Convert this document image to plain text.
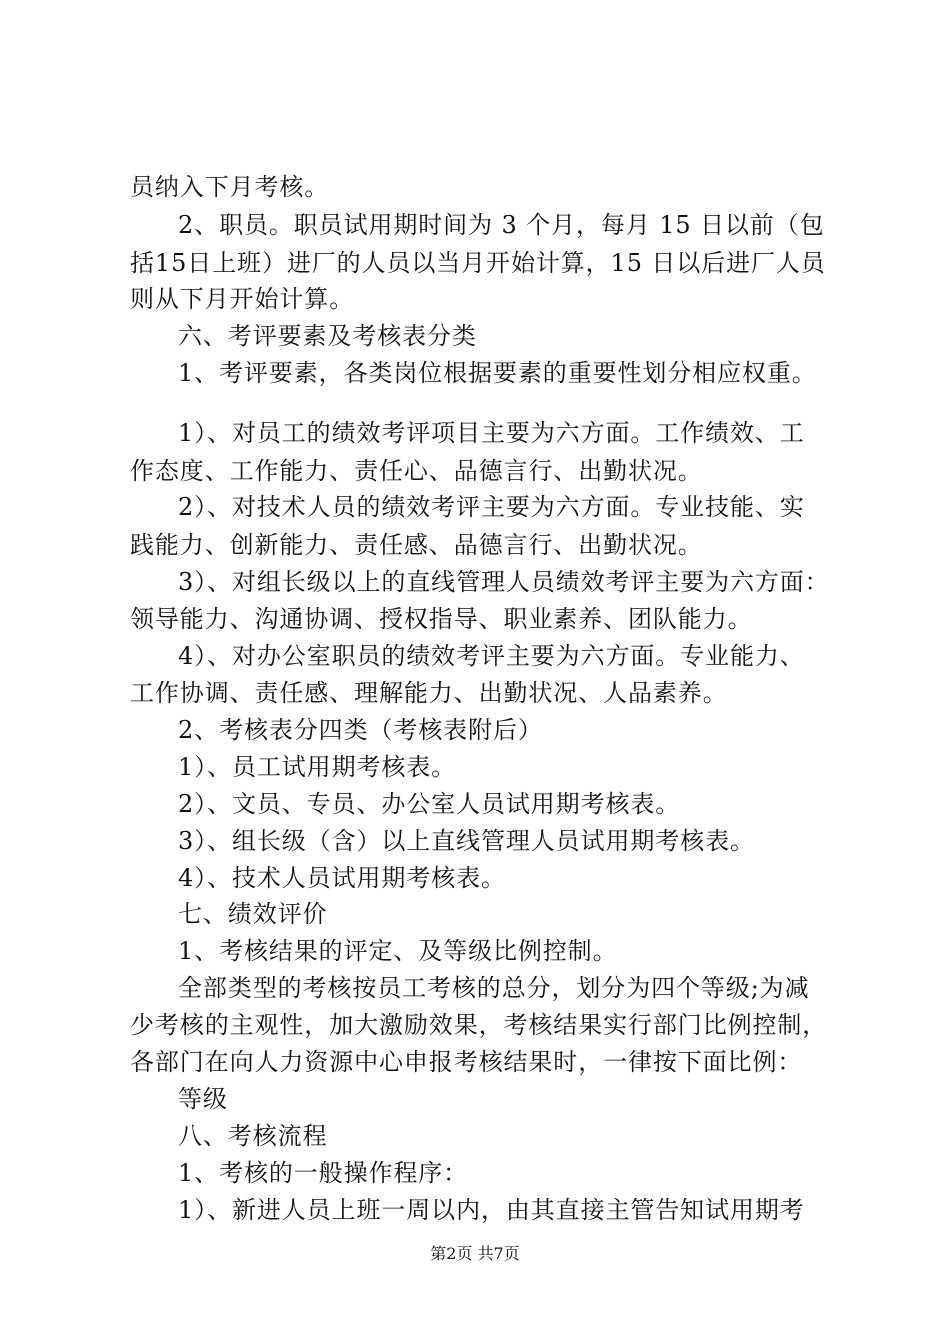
员纳入下月考核。
2、职员。职员试用期时间为 3 个月，每月 15 日以前（包
括15日上班）进厂的人员以当月开始计算，15 日以后进厂人员
则从下月开始计算。
六、考评要素及考核表分类
1、考评要素，各类岗位根据要素的重要性划分相应权重。
1）、对员工的绩效考评项目主要为六方面。工作绩效、工
作态度、工作能力、责任心、品德言行、出勤状况。
2）、对技术人员的绩效考评主要为六方面。专业技能、实
践能力、创新能力、责任感、品德言行、出勤状况。
3）、对组长级以上的直线管理人员绩效考评主要为六方面：
领导能力、沟通协调、授权指导、职业素养、团队能力。
4）、对办公室职员的绩效考评主要为六方面。专业能力、
工作协调、责任感、理解能力、出勤状况、人品素养。
2、考核表分四类（考核表附后）
1）、员工试用期考核表。
2）、文员、专员、办公室人员试用期考核表。
3）、组长级（含）以上直线管理人员试用期考核表。
4）、技术人员试用期考核表。
七、绩效评价
1、考核结果的评定、及等级比例控制。
全部类型的考核按员工考核的总分，划分为四个等级;为减
少考核的主观性，加大激励效果，考核结果实行部门比例控制，
各部门在向人力资源中心申报考核结果时，一律按下面比例：
等级
八、考核流程
1、考核的一般操作程序：
1）、新进人员上班一周以内，由其直接主管告知试用期考
第2页 共7页
